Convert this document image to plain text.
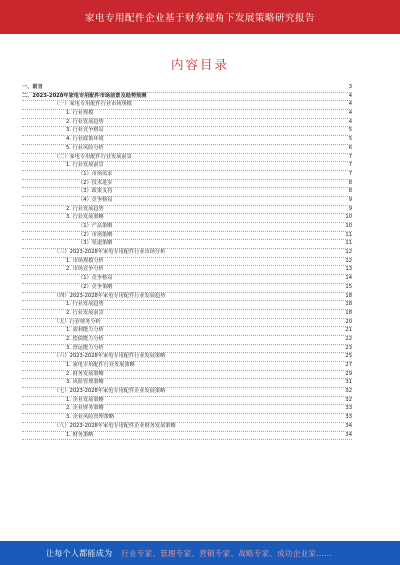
家电专用配件企业基于财务视角下发展策略研究报告
内容目录
一、前言	3
二、2023-2028年家电专用配件市场前景及趋势预测	4
（一）家电专用配件行业市场规模	4
1. 行业规模	4
2. 行业发展趋势	4
3. 行业竞争格局	5
4. 行业政策环境	5
5. 行业风险分析	6
（二）家电专用配件行业发展前景	7
1. 行业发展前景	7
（1）市场需求	7
（2）技术进步	8
（3）政策支持	8
（4）竞争格局	9
2. 行业发展趋势	9
3. 行业发展策略	10
（1）产品策略	10
（2）市场策略	11
（3）渠道策略	11
（三）2023-2028年家电专用配件行业市场分析	12
1. 市场规模分析	12
2. 市场竞争分析	13
（1）竞争格局	14
（2）竞争策略	15
（四）2023-2028年家电专用配件行业发展趋势	18
1. 行业发展趋势	18
2. 行业发展前景	18
（五）行业财务分析	20
1. 盈利能力分析	21
2. 偿债能力分析	22
3. 营运能力分析	23
（六）2023-2028年家电专用配件行业发展策略	25
1. 家电专用配件行业发展策略	27
2. 财务发展策略	29
3. 风险管理策略	31
（七）2023-2028年家电专用配件企业发展策略	32
1. 企业发展策略	32
2. 企业财务策略	33
3. 企业风险管理策略	33
（八）2023-2028年家电专用配件企业财务发展策略	34
1. 财务策略	34
让每个人都能成为 行业专家、管理专家、营销专家、战略专家、成功企业家……
